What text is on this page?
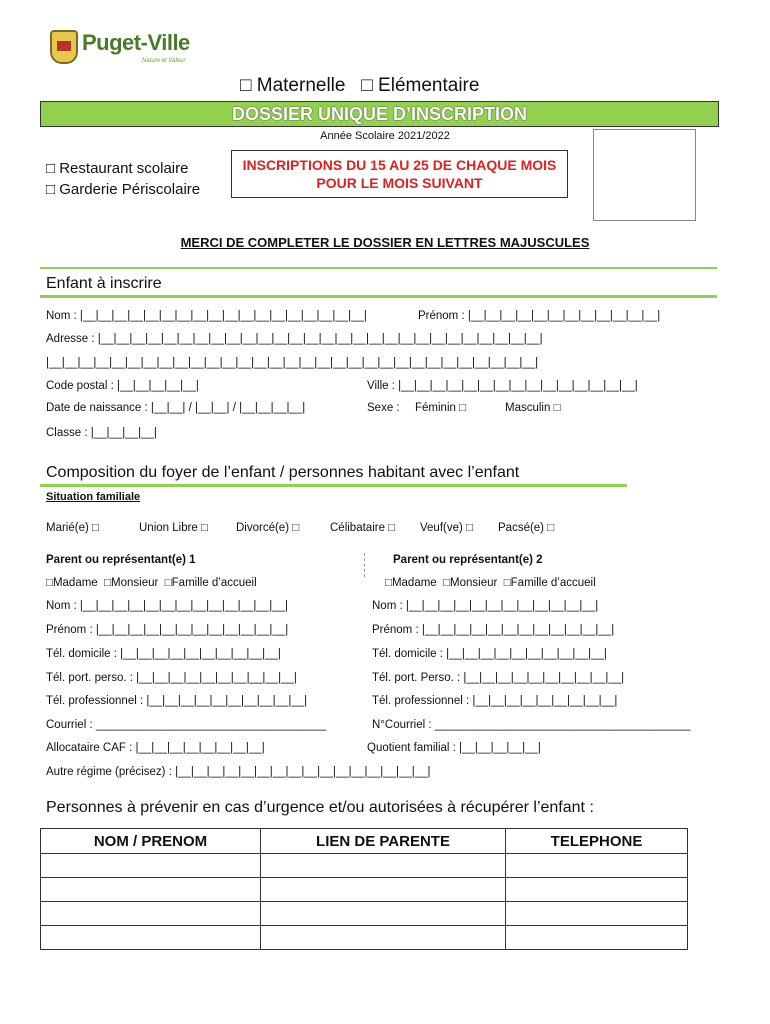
Puget-Ville
Nature et Valeur
□ Maternelle   □ Elémentaire
DOSSIER UNIQUE D’INSCRIPTION
Année Scolaire 2021/2022
□ Restaurant scolaire
□ Garderie Périscolaire
INSCRIPTIONS DU 15 AU 25 DE CHAQUE MOIS
POUR LE MOIS SUIVANT
MERCI DE COMPLETER LE DOSSIER EN LETTRES MAJUSCULES
Enfant à inscrire
Nom : |__|__|__|__|__|__|__|__|__|__|__|__|__|__|__|__|__|__|	Prénom : |__|__|__|__|__|__|__|__|__|__|__|__|
Adresse : |__|__|__|__|__|__|__|__|__|__|__|__|__|__|__|__|__|__|__|__|__|__|__|__|__|__|__|__|
|__|__|__|__|__|__|__|__|__|__|__|__|__|__|__|__|__|__|__|__|__|__|__|__|__|__|__|__|__|__|__|
Code postal : |__|__|__|__|__|	Ville : |__|__|__|__|__|__|__|__|__|__|__|__|__|__|__|
Date de naissance : |__|__| / |__|__| / |__|__|__|__|	Sexe : Féminin □	Masculin □
Classe : |__|__|__|__|
Composition du foyer de l’enfant / personnes habitant avec l’enfant
Situation familiale
Marié(e) □	Union Libre □ Divorcé(e) □	Célibataire □ Veuf(ve) □ Pacsé(e) □
Parent ou représentant(e) 1	Parent ou représentant(e) 2
□Madame  □Monsieur  □Famille d’accueil	□Madame  □Monsieur  □Famille d’accueil
Nom : |__|__|__|__|__|__|__|__|__|__|__|__|__|	Nom : |__|__|__|__|__|__|__|__|__|__|__|__|
Prénom : |__|__|__|__|__|__|__|__|__|__|__|__|	Prénom : |__|__|__|__|__|__|__|__|__|__|__|__|
Tél. domicile : |__|__|__|__|__|__|__|__|__|__|	Tél. domicile : |__|__|__|__|__|__|__|__|__|__|
Tél. port. perso. : |__|__|__|__|__|__|__|__|__|__|	Tél. port. Perso. : |__|__|__|__|__|__|__|__|__|__|
Tél. professionnel : |__|__|__|__|__|__|__|__|__|__|	Tél. professionnel : |__|__|__|__|__|__|__|__|__|
Courriel : ____________________________________	N°Courriel : ________________________________________
Allocataire CAF : |__|__|__|__|__|__|__|__|	Quotient familial : |__|__|__|__|__|
Autre régime (précisez) : |__|__|__|__|__|__|__|__|__|__|__|__|__|__|__|__|
Personnes à prévenir en cas d’urgence et/ou autorisées à récupérer l’enfant :
NOM / PRENOM	LIEN DE PARENTE	TELEPHONE
